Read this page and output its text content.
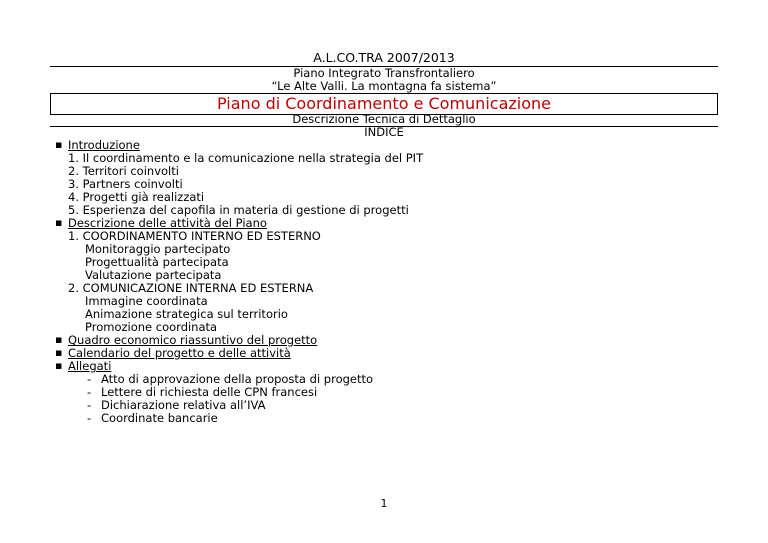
A.L.CO.TRA 2007/2013
Piano Integrato Transfrontaliero
“Le Alte Valli. La montagna fa sistema”
Piano di Coordinamento e Comunicazione
Descrizione Tecnica di Dettaglio
INDICE
▪ Introduzione
1. Il coordinamento e la comunicazione nella strategia del PIT
2. Territori coinvolti
3. Partners coinvolti
4. Progetti già realizzati
5. Esperienza del capofila in materia di gestione di progetti
▪ Descrizione delle attività del Piano
1. COORDINAMENTO INTERNO ED ESTERNO
Monitoraggio partecipato
Progettualità partecipata
Valutazione partecipata
2. COMUNICAZIONE INTERNA ED ESTERNA
Immagine coordinata
Animazione strategica sul territorio
Promozione coordinata
▪ Quadro economico riassuntivo del progetto
▪ Calendario del progetto e delle attività
▪ Allegati
- Atto di approvazione della proposta di progetto
- Lettere di richiesta delle CPN francesi
- Dichiarazione relativa all’IVA
- Coordinate bancarie
1
